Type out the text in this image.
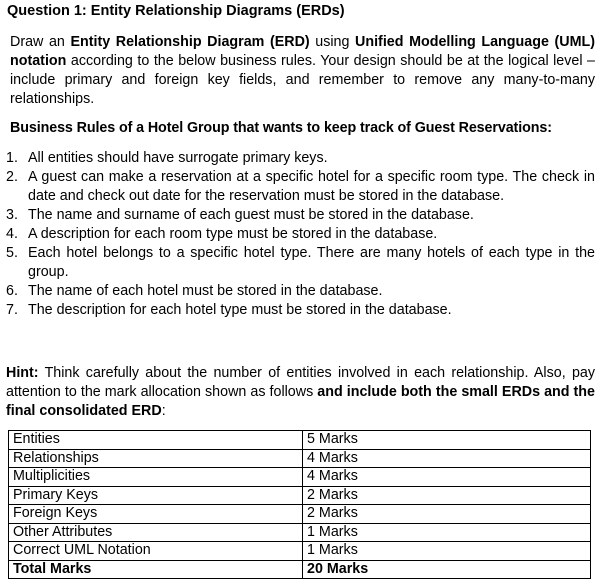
Question 1: Entity Relationship Diagrams (ERDs)
Draw an Entity Relationship Diagram (ERD) using Unified Modelling Language (UML) notation according to the below business rules. Your design should be at the logical level – include primary and foreign key fields, and remember to remove any many-to-many relationships.
Business Rules of a Hotel Group that wants to keep track of Guest Reservations:
1. All entities should have surrogate primary keys.
2. A guest can make a reservation at a specific hotel for a specific room type. The check in date and check out date for the reservation must be stored in the database.
3. The name and surname of each guest must be stored in the database.
4. A description for each room type must be stored in the database.
5. Each hotel belongs to a specific hotel type. There are many hotels of each type in the group.
6. The name of each hotel must be stored in the database.
7. The description for each hotel type must be stored in the database.
Hint: Think carefully about the number of entities involved in each relationship. Also, pay attention to the mark allocation shown as follows and include both the small ERDs and the final consolidated ERD:
Entities	5 Marks
Relationships	4 Marks
Multiplicities	4 Marks
Primary Keys	2 Marks
Foreign Keys	2 Marks
Other Attributes	1 Marks
Correct UML Notation	1 Marks
Total Marks	20 Marks
